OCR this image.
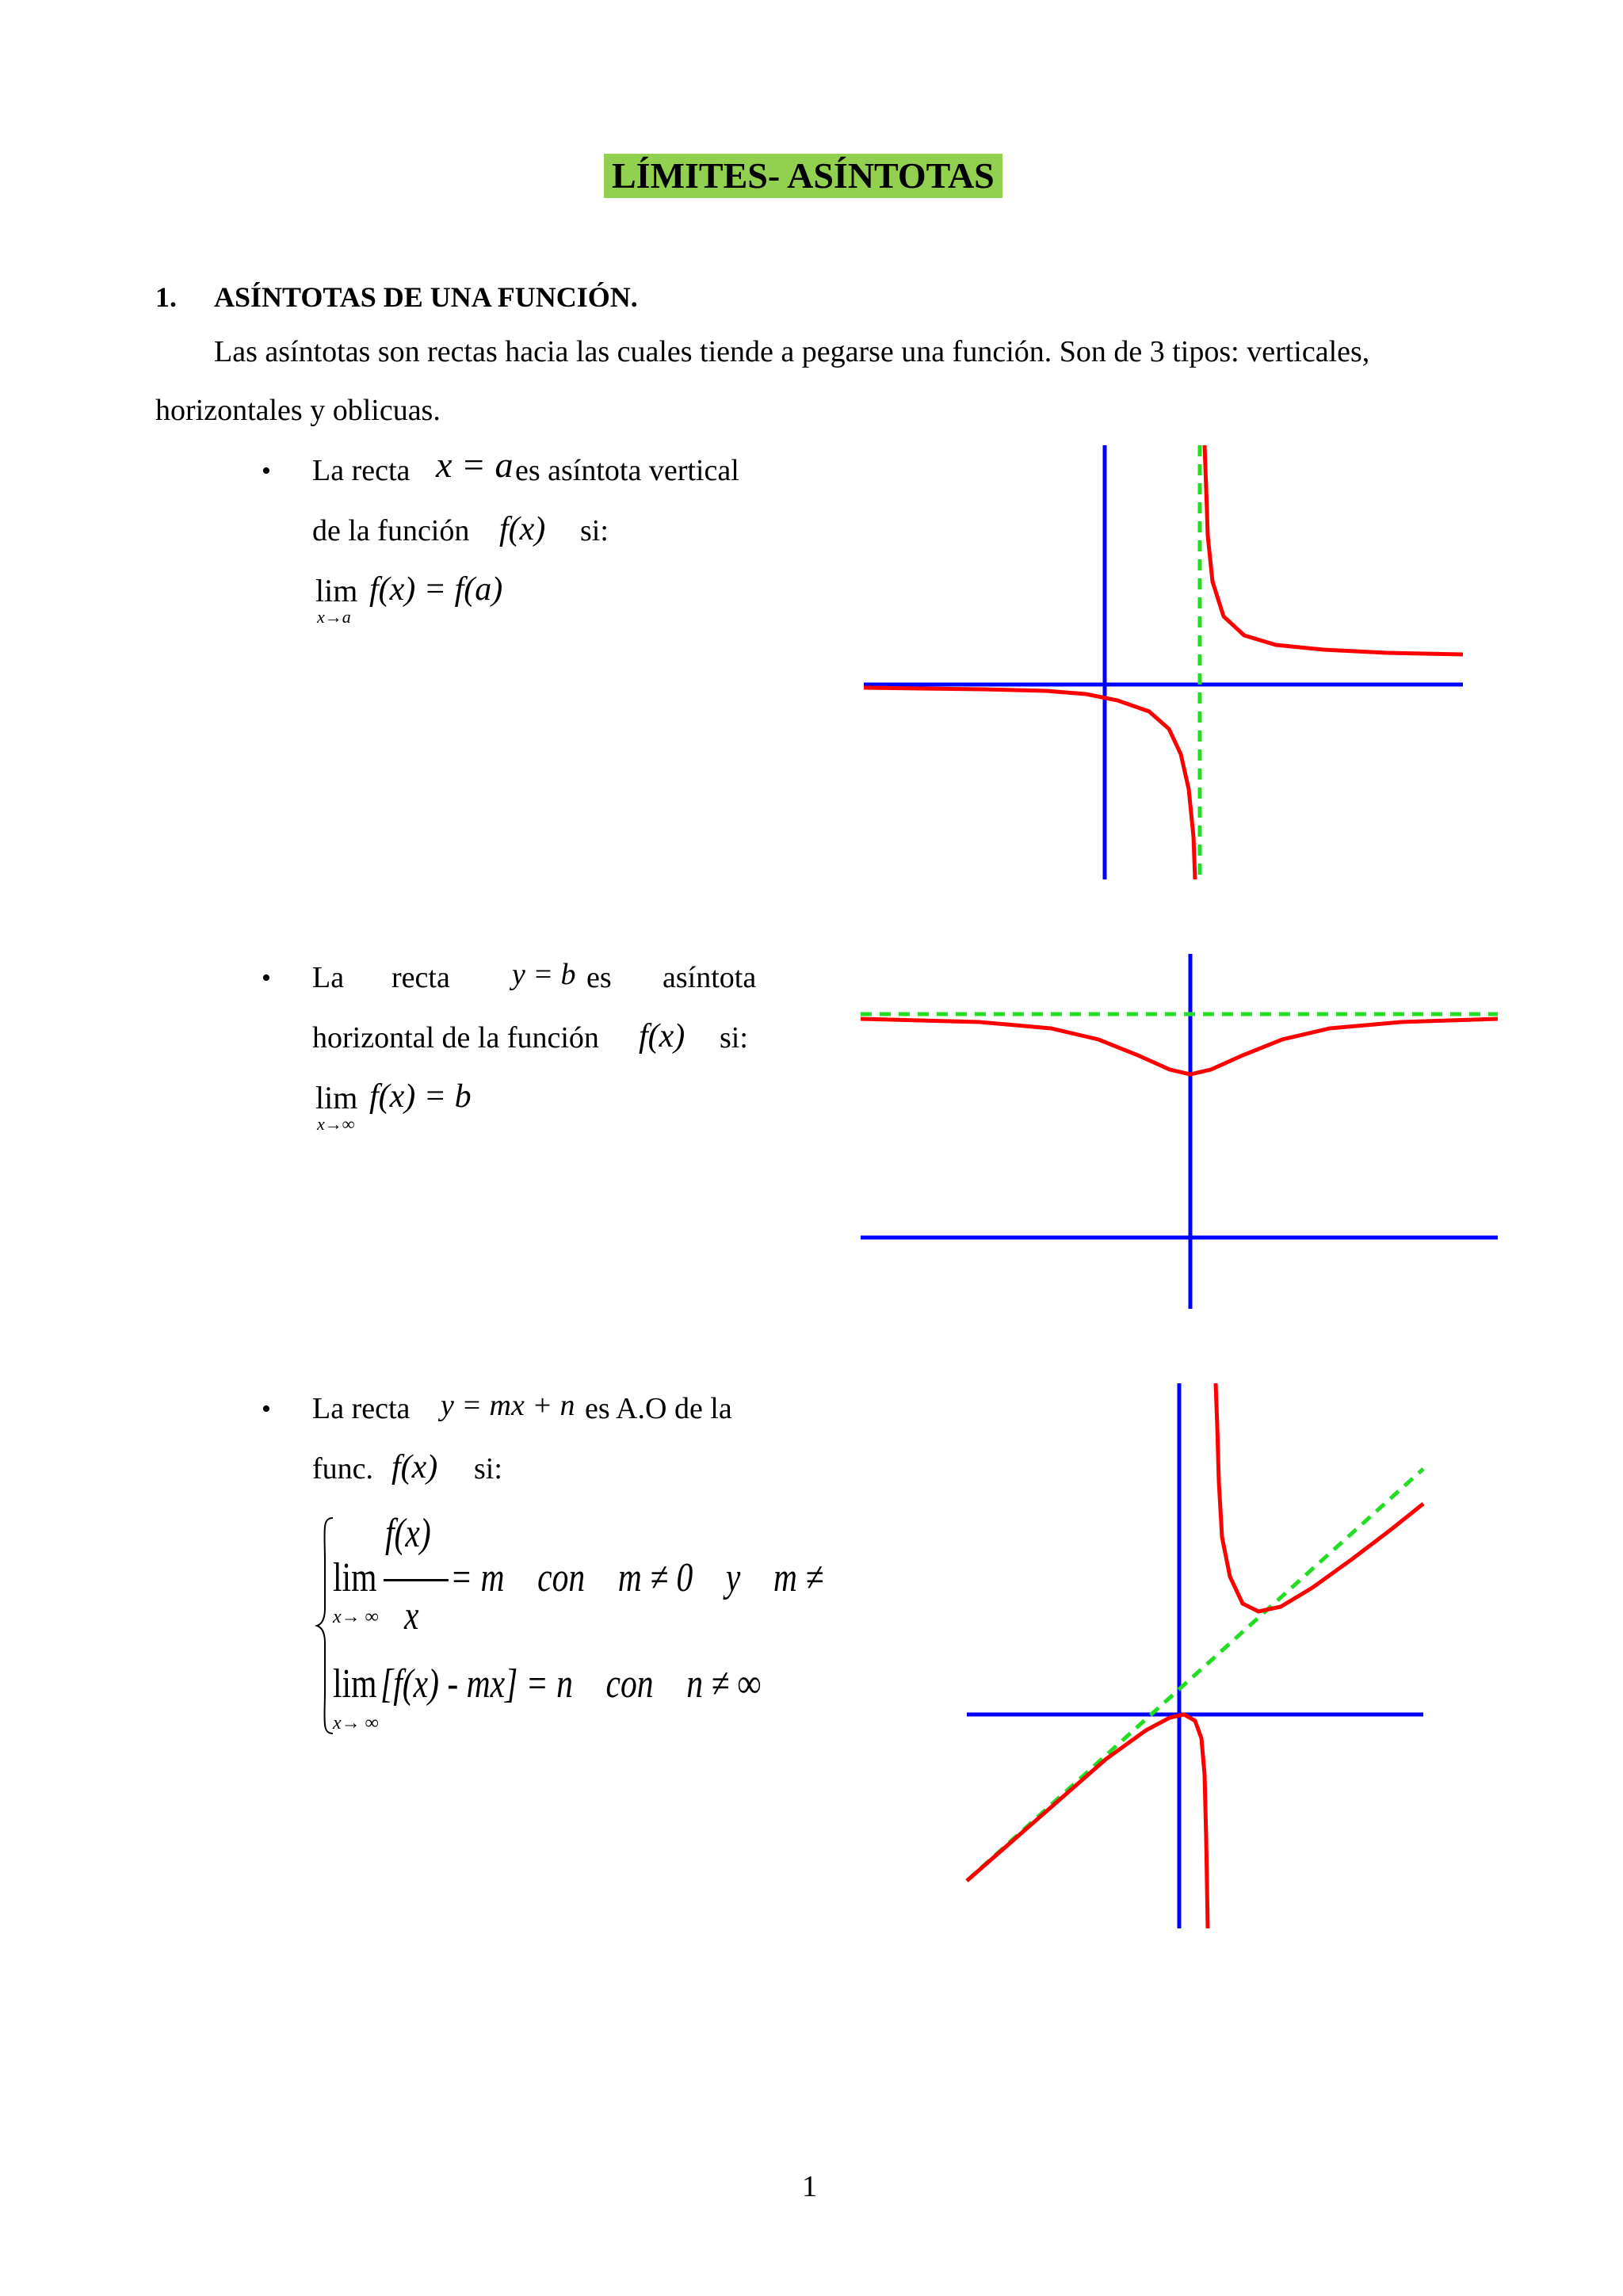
LÍMITES- ASÍNTOTAS
1. ASÍNTOTAS DE UNA FUNCIÓN.
Las asíntotas son rectas hacia las cuales tiende a pegarse una función. Son de 3 tipos: verticales,
horizontales y oblicuas.
• La recta x = a es asíntota vertical
de la función f(x) si:
lim
x→a
f(x) = f(a)
• La recta y = b es asíntota
horizontal de la función f(x) si:
lim
x→∞
f(x) = b
• La recta y = mx + n es A.O de la
func. f(x) si:
lim
x→ ∞
f(x)
x
= m    con    m ≠ 0    y    m ≠
lim
x→ ∞
[f(x) - mx] = n    con    n ≠ ∞
1
